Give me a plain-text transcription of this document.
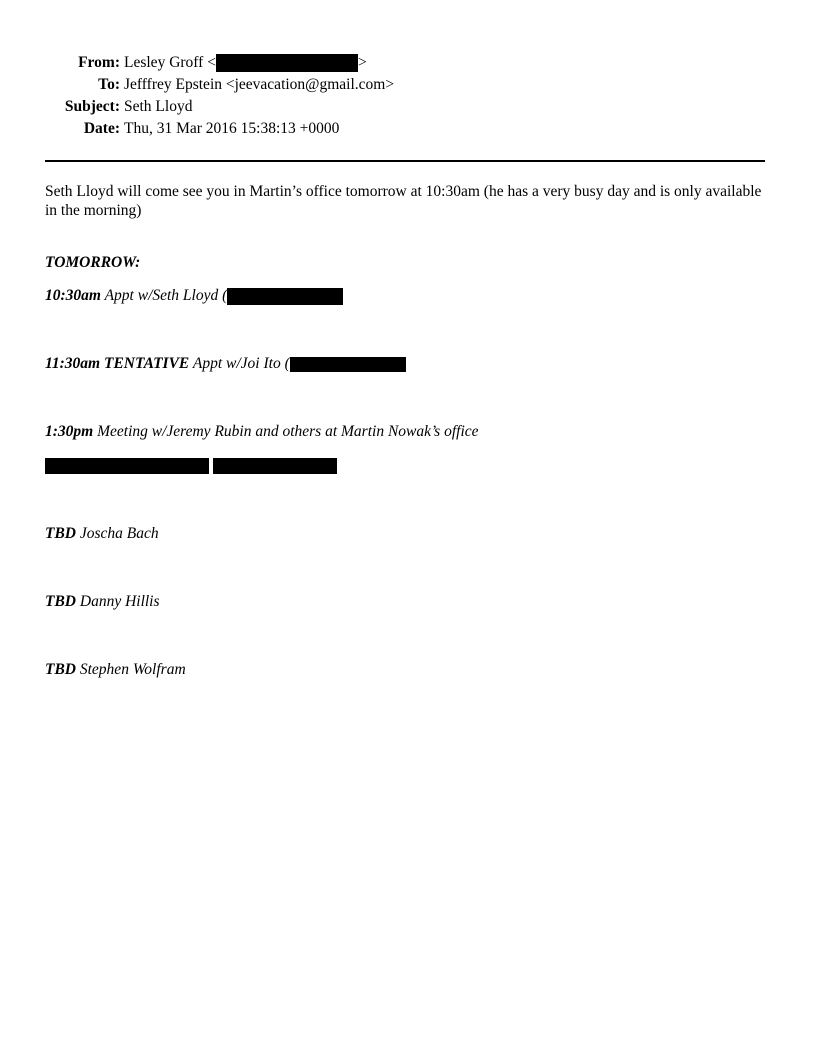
From: Lesley Groff <	>
To: Jefffrey Epstein <jeevacation@gmail.com>
Subject: Seth Lloyd
Date: Thu, 31 Mar 2016 15:38:13 +0000

Seth Lloyd will come see you in Martin’s office tomorrow at 10:30am (he has a very busy day and is only available in the morning)

TOMORROW:
10:30am Appt w/Seth Lloyd (
11:30am TENTATIVE Appt w/Joi Ito (
1:30pm Meeting w/Jeremy Rubin and others at Martin Nowak’s office
TBD Joscha Bach
TBD Danny Hillis
TBD Stephen Wolfram
